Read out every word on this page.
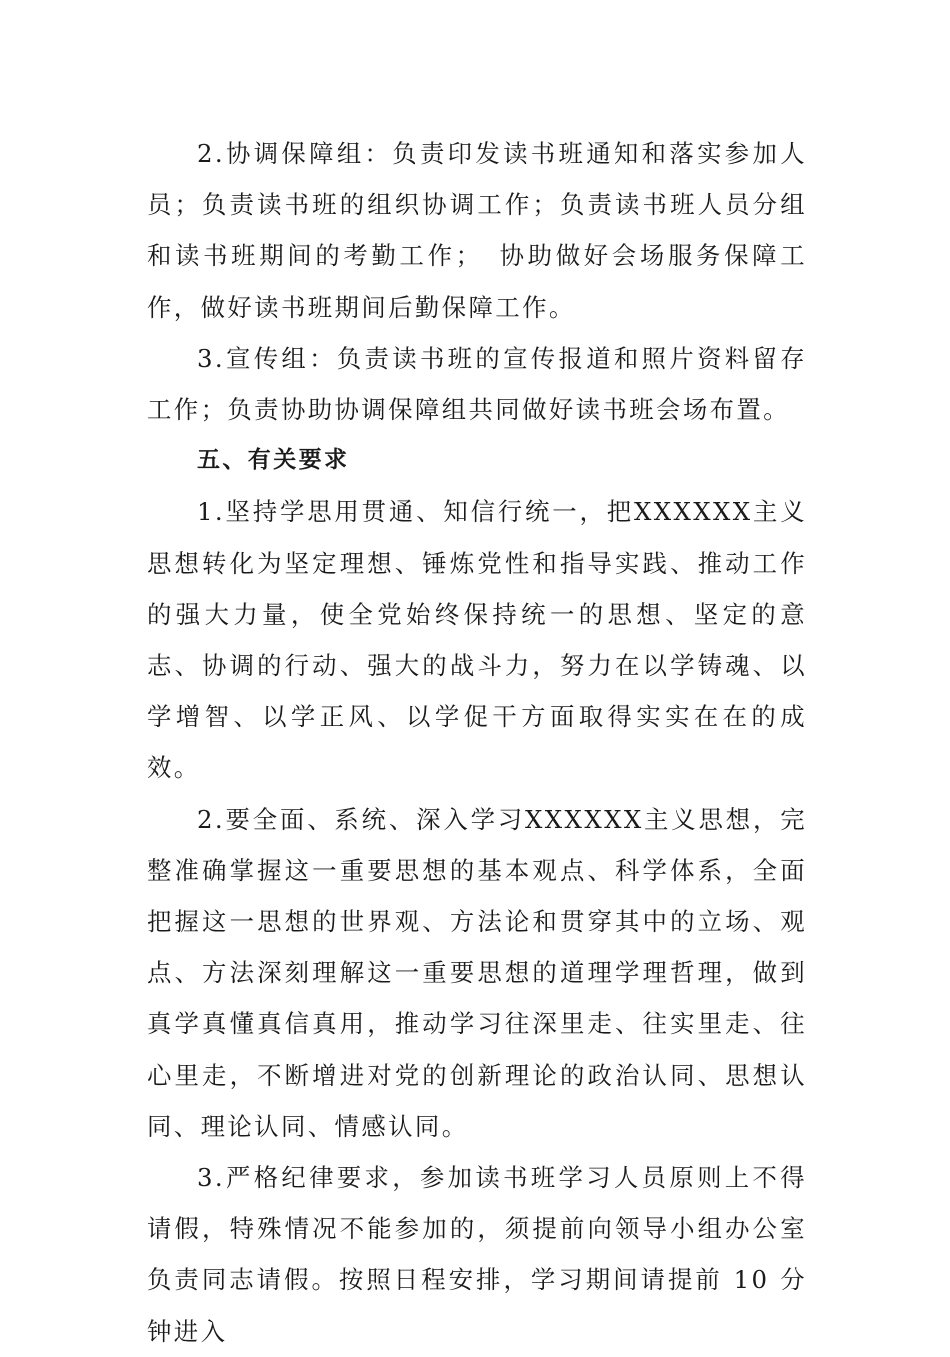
2.协调保障组：负责印发读书班通知和落实参加人员；负责读书班的组织协调工作；负责读书班人员分组和读书班期间的考勤工作；　协助做好会场服务保障工作，做好读书班期间后勤保障工作。

3.宣传组：负责读书班的宣传报道和照片资料留存工作；负责协助协调保障组共同做好读书班会场布置。

五、有关要求

1.坚持学思用贯通、知信行统一，把XXXXXX主义思想转化为坚定理想、锤炼党性和指导实践、推动工作的强大力量，使全党始终保持统一的思想、坚定的意志、协调的行动、强大的战斗力，努力在以学铸魂、以学增智、以学正风、以学促干方面取得实实在在的成效。

2.要全面、系统、深入学习XXXXXX主义思想，完整准确掌握这一重要思想的基本观点、科学体系，全面把握这一思想的世界观、方法论和贯穿其中的立场、观点、方法深刻理解这一重要思想的道理学理哲理，做到真学真懂真信真用，推动学习往深里走、往实里走、往心里走，不断增进对党的创新理论的政治认同、思想认同、理论认同、情感认同。

3.严格纪律要求，参加读书班学习人员原则上不得请假，特殊情况不能参加的，须提前向领导小组办公室负责同志请假。按照日程安排，学习期间请提前 10 分钟进入
